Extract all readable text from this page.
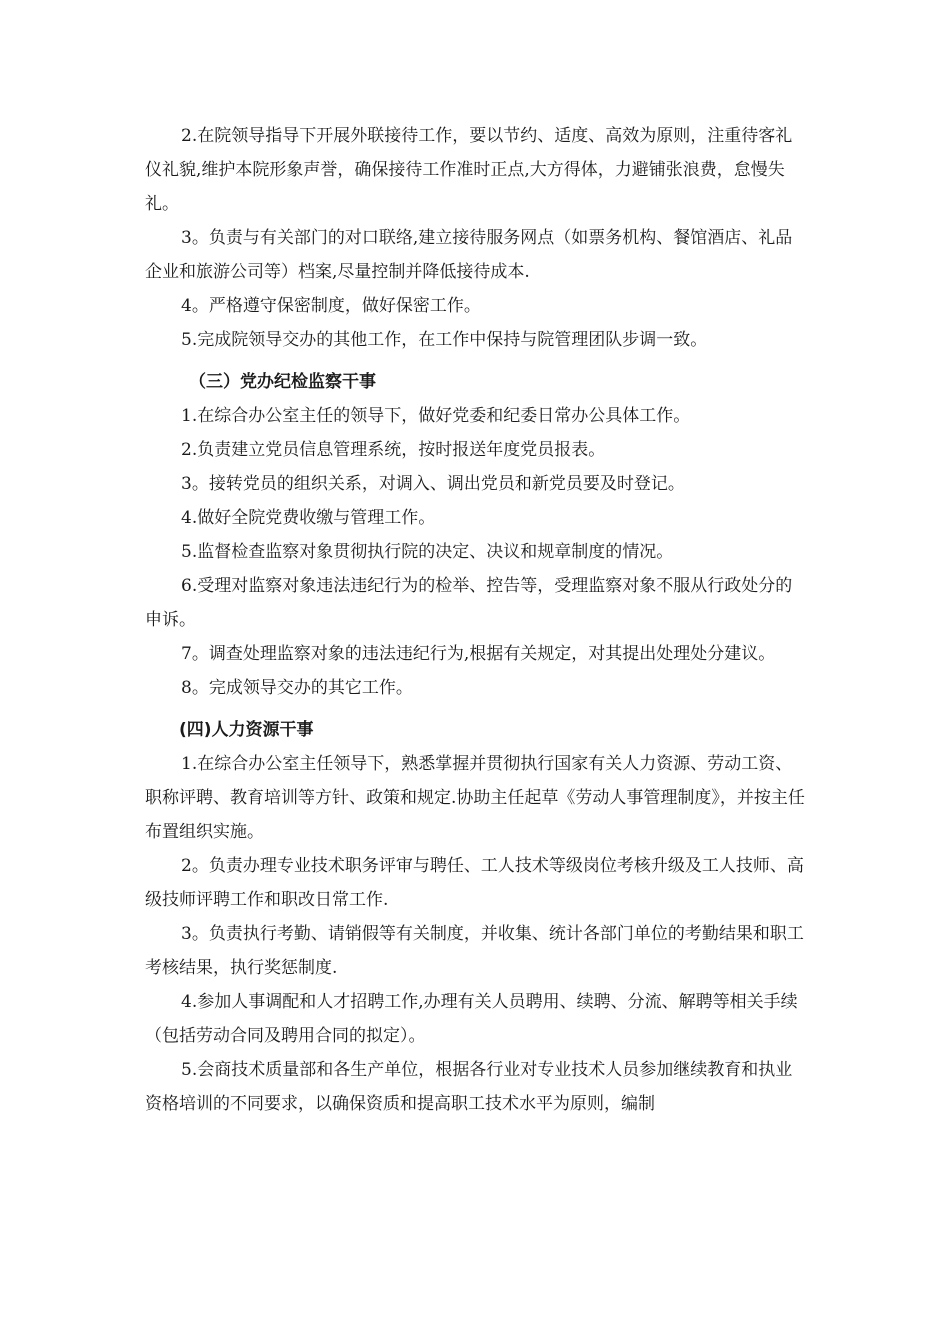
2.在院领导指导下开展外联接待工作，要以节约、适度、高效为原则，注重待客礼仪礼貌,维护本院形象声誉，确保接待工作准时正点,大方得体，力避铺张浪费，怠慢失礼。

3。负责与有关部门的对口联络,建立接待服务网点（如票务机构、餐馆酒店、礼品企业和旅游公司等）档案,尽量控制并降低接待成本.

4。严格遵守保密制度，做好保密工作。

5.完成院领导交办的其他工作，在工作中保持与院管理团队步调一致。

（三）党办纪检监察干事

1.在综合办公室主任的领导下，做好党委和纪委日常办公具体工作。

2.负责建立党员信息管理系统，按时报送年度党员报表。

3。接转党员的组织关系，对调入、调出党员和新党员要及时登记。

4.做好全院党费收缴与管理工作。

5.监督检查监察对象贯彻执行院的决定、决议和规章制度的情况。

6.受理对监察对象违法违纪行为的检举、控告等，受理监察对象不服从行政处分的申诉。

7。调查处理监察对象的违法违纪行为,根据有关规定，对其提出处理处分建议。

8。完成领导交办的其它工作。

(四)人力资源干事

1.在综合办公室主任领导下，熟悉掌握并贯彻执行国家有关人力资源、劳动工资、职称评聘、教育培训等方针、政策和规定.协助主任起草《劳动人事管理制度》，并按主任布置组织实施。

2。负责办理专业技术职务评审与聘任、工人技术等级岗位考核升级及工人技师、高级技师评聘工作和职改日常工作.

3。负责执行考勤、请销假等有关制度，并收集、统计各部门单位的考勤结果和职工考核结果，执行奖惩制度.

4.参加人事调配和人才招聘工作,办理有关人员聘用、续聘、分流、解聘等相关手续（包括劳动合同及聘用合同的拟定）。

5.会商技术质量部和各生产单位，根据各行业对专业技术人员参加继续教育和执业资格培训的不同要求，以确保资质和提高职工技术水平为原则，编制
